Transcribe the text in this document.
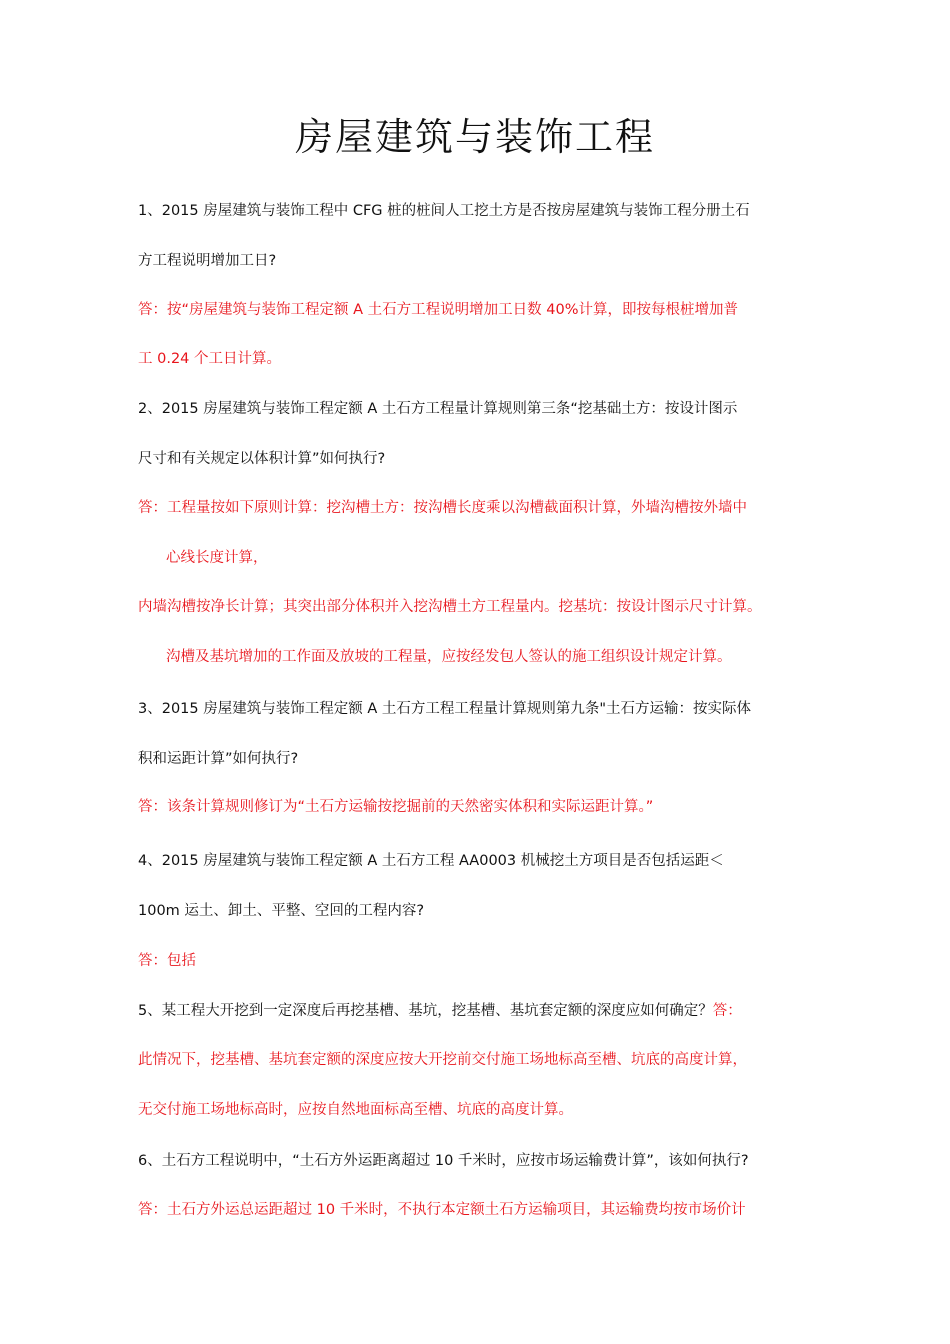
房屋建筑与装饰工程
1、2015 房屋建筑与装饰工程中 CFG 桩的桩间人工挖土方是否按房屋建筑与装饰工程分册土石
方工程说明增加工日?
答：按“房屋建筑与装饰工程定额 A 土石方工程说明增加工日数 40%计算，即按每根桩增加普
工 0.24 个工日计算。
2、2015 房屋建筑与装饰工程定额 A 土石方工程量计算规则第三条“挖基础土方：按设计图示
尺寸和有关规定以体积计算”如何执行?
答：工程量按如下原则计算：挖沟槽土方：按沟槽长度乘以沟槽截面积计算，外墙沟槽按外墙中
心线长度计算，
内墙沟槽按净长计算；其突出部分体积并入挖沟槽土方工程量内。挖基坑：按设计图示尺寸计算。
沟槽及基坑增加的工作面及放坡的工程量，应按经发包人签认的施工组织设计规定计算。
3、2015 房屋建筑与装饰工程定额 A 土石方工程工程量计算规则第九条"土石方运输：按实际体
积和运距计算”如何执行?
答：该条计算规则修订为“土石方运输按挖掘前的天然密实体积和实际运距计算。”
4、2015 房屋建筑与装饰工程定额 A 土石方工程 AA0003 机械挖土方项目是否包括运距＜
100m 运土、卸土、平整、空回的工程内容?
答：包括
5、某工程大开挖到一定深度后再挖基槽、基坑，挖基槽、基坑套定额的深度应如何确定？答：
此情况下，挖基槽、基坑套定额的深度应按大开挖前交付施工场地标高至槽、坑底的高度计算，
无交付施工场地标高时，应按自然地面标高至槽、坑底的高度计算。
6、土石方工程说明中，“土石方外运距离超过 10 千米时，应按市场运输费计算”，该如何执行?
答：土石方外运总运距超过 10 千米时，不执行本定额土石方运输项目，其运输费均按市场价计
